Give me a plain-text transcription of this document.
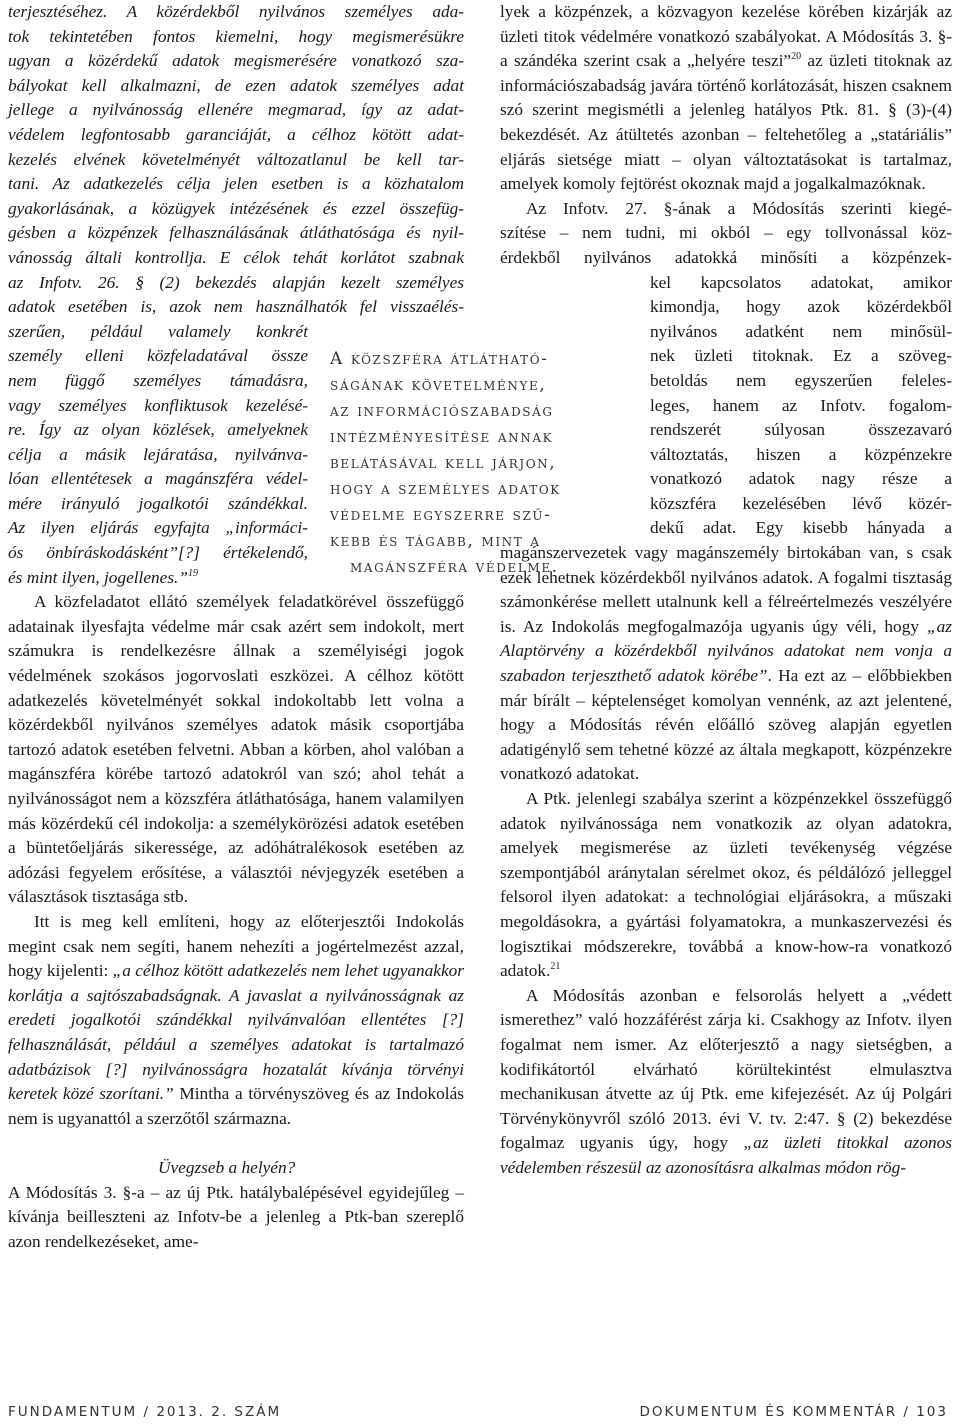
terjesztéséhez. A közérdekből nyilvános személyes ada-
tok tekintetében fontos kiemelni, hogy megismerésükre
ugyan a közérdekű adatok megismerésére vonatkozó sza-
bályokat kell alkalmazni, de ezen adatok személyes adat
jellege a nyilvánosság ellenére megmarad, így az adat-
védelem legfontosabb garanciáját, a célhoz kötött adat-
kezelés elvének követelményét változatlanul be kell tar-
tani. Az adatkezelés célja jelen esetben is a közhatalom
gyakorlásának, a közügyek intézésének és ezzel összefüg-
gésben a közpénzek felhasználásának átláthatósága és nyil-
vánosság általi kontrollja. E célok tehát korlátot szabnak
az Infotv. 26. § (2) bekezdés alapján kezelt személyes
adatok esetében is, azok nem használhatók fel visszaélés-
szerűen, például valamely konkrét
személy elleni közfeladatával össze
nem függő személyes támadásra,
vagy személyes konfliktusok kezelésé-
re. Így az olyan közlések, amelyeknek
célja a másik lejáratása, nyilvánva-
lóan ellentétesek a magánszféra védel-
mére irányuló jogalkotói szándékkal.
Az ilyen eljárás egyfajta „informáci-
ós önbíráskodásként”[?] értékelendő,
és mint ilyen, jogellenes.”$^{19}$

A közfeladatot ellátó személyek feladatkörével összefüggő adatainak ilyesfajta védelme már csak azért sem indokolt, mert számukra is rendelkezésre állnak a személyiségi jogok védelmének szokásos jogorvoslati eszközei. A célhoz kötött adatkezelés követelményét sokkal indokoltabb lett volna a közérdekből nyilvános személyes adatok másik csoportjába tartozó adatok esetében felvetni. Abban a körben, ahol valóban a magánszféra körébe tartozó adatokról van szó; ahol tehát a nyilvánosságot nem a közszféra átláthatósága, hanem valamilyen más közérdekű cél indokolja: a személykörözési adatok esetében a büntetőeljárás sikeressége, az adóhátralékosok esetében az adózási fegyelem erősítése, a választói névjegyzék esetében a választások tisztasága stb.

Itt is meg kell említeni, hogy az előterjesztői Indokolás megint csak nem segíti, hanem nehezíti a jogértelmezést azzal, hogy kijelenti: „a célhoz kötött adatkezelés nem lehet ugyanakkor korlátja a sajtószabadságnak. A javaslat a nyilvánosságnak az eredeti jogalkotói szándékkal nyilvánvalóan ellentétes [?] felhasználását, például a személyes adatokat is tartalmazó adatbázisok [?] nyilvánosságra hozatalát kívánja törvényi keretek közé szorítani.” Mintha a törvényszöveg és az Indokolás nem is ugyanattól a szerzőtől származna.

Üvegzseb a helyén?

A Módosítás 3. §-a – az új Ptk. hatálybalépésével egyidejűleg – kívánja beilleszteni az Infotv-be a jelenleg a Ptk-ban szereplő azon rendelkezéseket, ame-

A közszféra átlátható-
ságának követelménye,
az információszabadság
intézményesítése annak
belátásával kell járjon,
hogy a személyes adatok
védelme egyszerre szű-
kebb és tágabb, mint a
magánszféra védelme.

lyek a közpénzek, a közvagyon kezelése körében kizárják az üzleti titok védelmére vonatkozó szabályokat. A Módosítás 3. §-a szándéka szerint csak a „helyére teszi”$^{20}$ az üzleti titoknak az információszabadság javára történő korlátozását, hiszen csaknem szó szerint megismétli a jelenleg hatályos Ptk. 81. § (3)-(4) bekezdését. Az átültetés azonban – feltehetőleg a „statáriális” eljárás sietsége miatt – olyan változtatásokat is tartalmaz, amelyek komoly fejtörést okoznak majd a jogalkalmazóknak.

Az Infotv. 27. §-ának a Módosítás szerinti kiegé-
szítése – nem tudni, mi okból – egy tollvonással köz-
érdekből nyilvános adatokká minősíti a közpénzek-
kel kapcsolatos adatokat, amikor
kimondja, hogy azok közérdekből
nyilvános adatként nem minősül-
nek üzleti titoknak. Ez a szöveg-
betoldás nem egyszerűen feleles-
leges, hanem az Infotv. fogalom-
rendszerét súlyosan összezavaró
változtatás, hiszen a közpénzekre
vonatkozó adatok nagy része a
közszféra kezelésében lévő közér-
dekű adat. Egy kisebb hányada a

magánszervezetek vagy magánszemély birtokában van, s csak ezek lehetnek közérdekből nyilvános adatok. A fogalmi tisztaság számonkérése mellett utalnunk kell a félreértelmezés veszélyére is. Az Indokolás megfogalmazója ugyanis úgy véli, hogy „az Alaptörvény a közérdekből nyilvános adatokat nem vonja a szabadon terjeszthető adatok körébe”. Ha ezt az – előbbiekben már bírált – képtelenséget komolyan vennénk, az azt jelentené, hogy a Módosítás révén előálló szöveg alapján egyetlen adatigénylő sem tehetné közzé az általa megkapott, közpénzekre vonatkozó adatokat.

A Ptk. jelenlegi szabálya szerint a közpénzekkel összefüggő adatok nyilvánossága nem vonatkozik az olyan adatokra, amelyek megismerése az üzleti tevékenység végzése szempontjából aránytalan sérelmet okoz, és példálózó jelleggel felsorol ilyen adatokat: a technológiai eljárásokra, a műszaki megoldásokra, a gyártási folyamatokra, a munkaszervezési és logisztikai módszerekre, továbbá a know-how-ra vonatkozó adatok.$^{21}$

A Módosítás azonban e felsorolás helyett a „védett ismerethez” való hozzáférést zárja ki. Csakhogy az Infotv. ilyen fogalmat nem ismer. Az előterjesztő a nagy sietségben, a kodifikátortól elvárható körültekintést elmulasztva mechanikusan átvette az új Ptk. eme kifejezését. Az új Polgári Törvénykönyvről szóló 2013. évi V. tv. 2:47. § (2) bekezdése fogalmaz ugyanis úgy, hogy „az üzleti titokkal azonos védelemben részesül az azonosításra alkalmas módon rög-

FUNDAMENTUM / 2013. 2. SZÁM	DOKUMENTUM ÉS KOMMENTÁR / 103
